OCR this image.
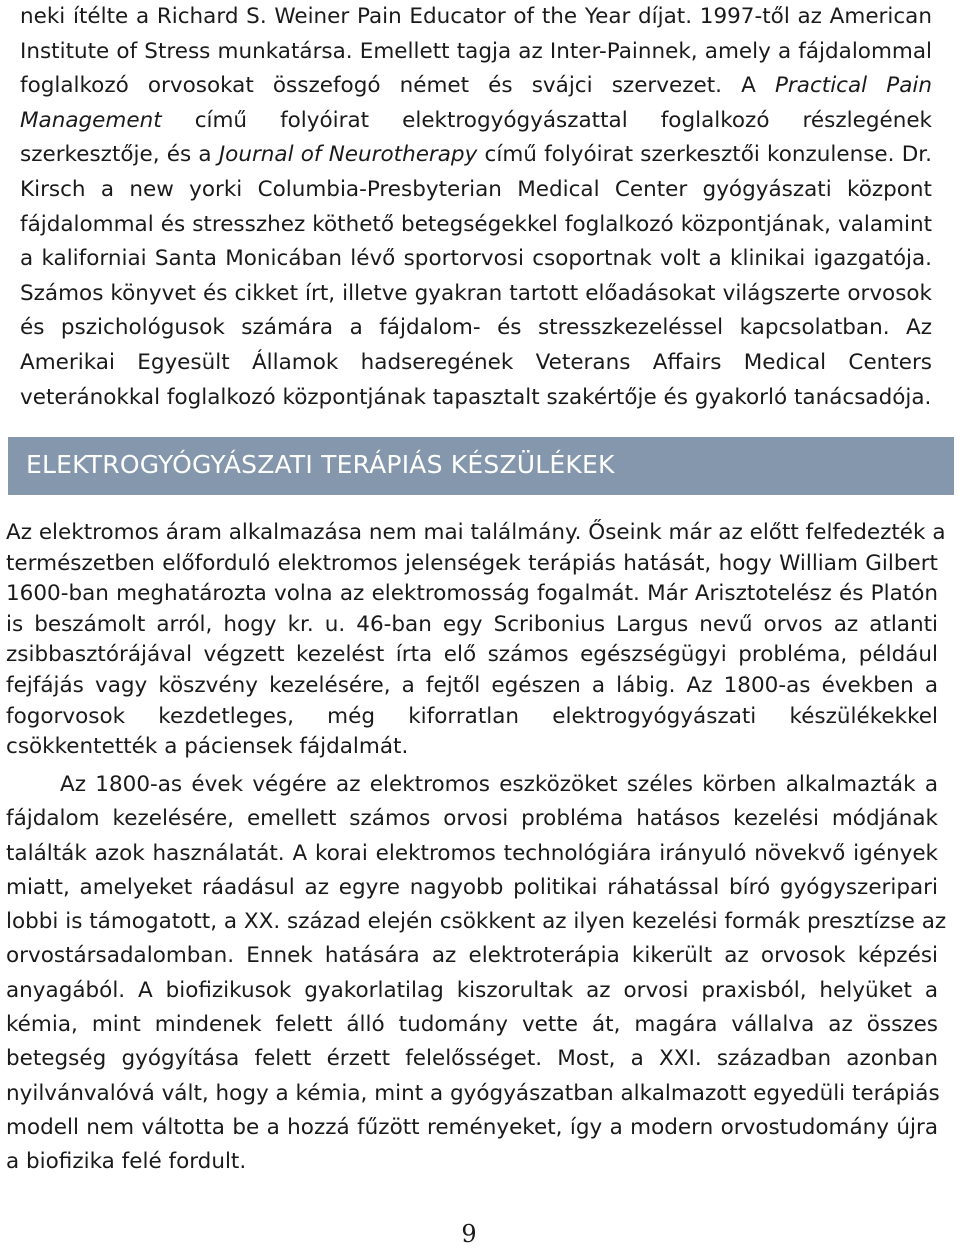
neki ítélte a Richard S. Weiner Pain Educator of the Year díjat. 1997-től az American
Institute of Stress munkatársa. Emellett tagja az Inter-Painnek, amely a fájdalommal
foglalkozó orvosokat összefogó német és svájci szervezet. A Practical Pain
Management című folyóirat elektrogyógyászattal foglalkozó részlegének
szerkesztője, és a Journal of Neurotherapy című folyóirat szerkesztői konzulense. Dr.
Kirsch a new yorki Columbia-Presbyterian Medical Center gyógyászati központ
fájdalommal és stresszhez köthető betegségekkel foglalkozó központjának, valamint
a kaliforniai Santa Monicában lévő sportorvosi csoportnak volt a klinikai igazgatója.
Számos könyvet és cikket írt, illetve gyakran tartott előadásokat világszerte orvosok
és pszichológusok számára a fájdalom- és stresszkezeléssel kapcsolatban. Az
Amerikai Egyesült Államok hadseregének Veterans Affairs Medical Centers
veteránokkal foglalkozó központjának tapasztalt szakértője és gyakorló tanácsadója.
ELEKTROGYÓGYÁSZATI TERÁPIÁS KÉSZÜLÉKEK
Az elektromos áram alkalmazása nem mai találmány. Őseink már az előtt felfedezték a
természetben előforduló elektromos jelenségek terápiás hatását, hogy William Gilbert
1600-ban meghatározta volna az elektromosság fogalmát. Már Arisztotelész és Platón
is beszámolt arról, hogy kr. u. 46-ban egy Scribonius Largus nevű orvos az atlanti
zsibbasztórájával végzett kezelést írta elő számos egészségügyi probléma, például
fejfájás vagy köszvény kezelésére, a fejtől egészen a lábig. Az 1800-as években a
fogorvosok kezdetleges, még kiforratlan elektrogyógyászati készülékekkel
csökkentették a páciensek fájdalmát.
Az 1800-as évek végére az elektromos eszközöket széles körben alkalmazták a
fájdalom kezelésére, emellett számos orvosi probléma hatásos kezelési módjának
találták azok használatát. A korai elektromos technológiára irányuló növekvő igények
miatt, amelyeket ráadásul az egyre nagyobb politikai ráhatással bíró gyógyszeripari
lobbi is támogatott, a XX. század elején csökkent az ilyen kezelési formák presztízse az
orvostársadalomban. Ennek hatására az elektroterápia kikerült az orvosok képzési
anyagából. A biofizikusok gyakorlatilag kiszorultak az orvosi praxisból, helyüket a
kémia, mint mindenek felett álló tudomány vette át, magára vállalva az összes
betegség gyógyítása felett érzett felelősséget. Most, a XXI. században azonban
nyilvánvalóvá vált, hogy a kémia, mint a gyógyászatban alkalmazott egyedüli terápiás
modell nem váltotta be a hozzá fűzött reményeket, így a modern orvostudomány újra
a biofizika felé fordult.
9
